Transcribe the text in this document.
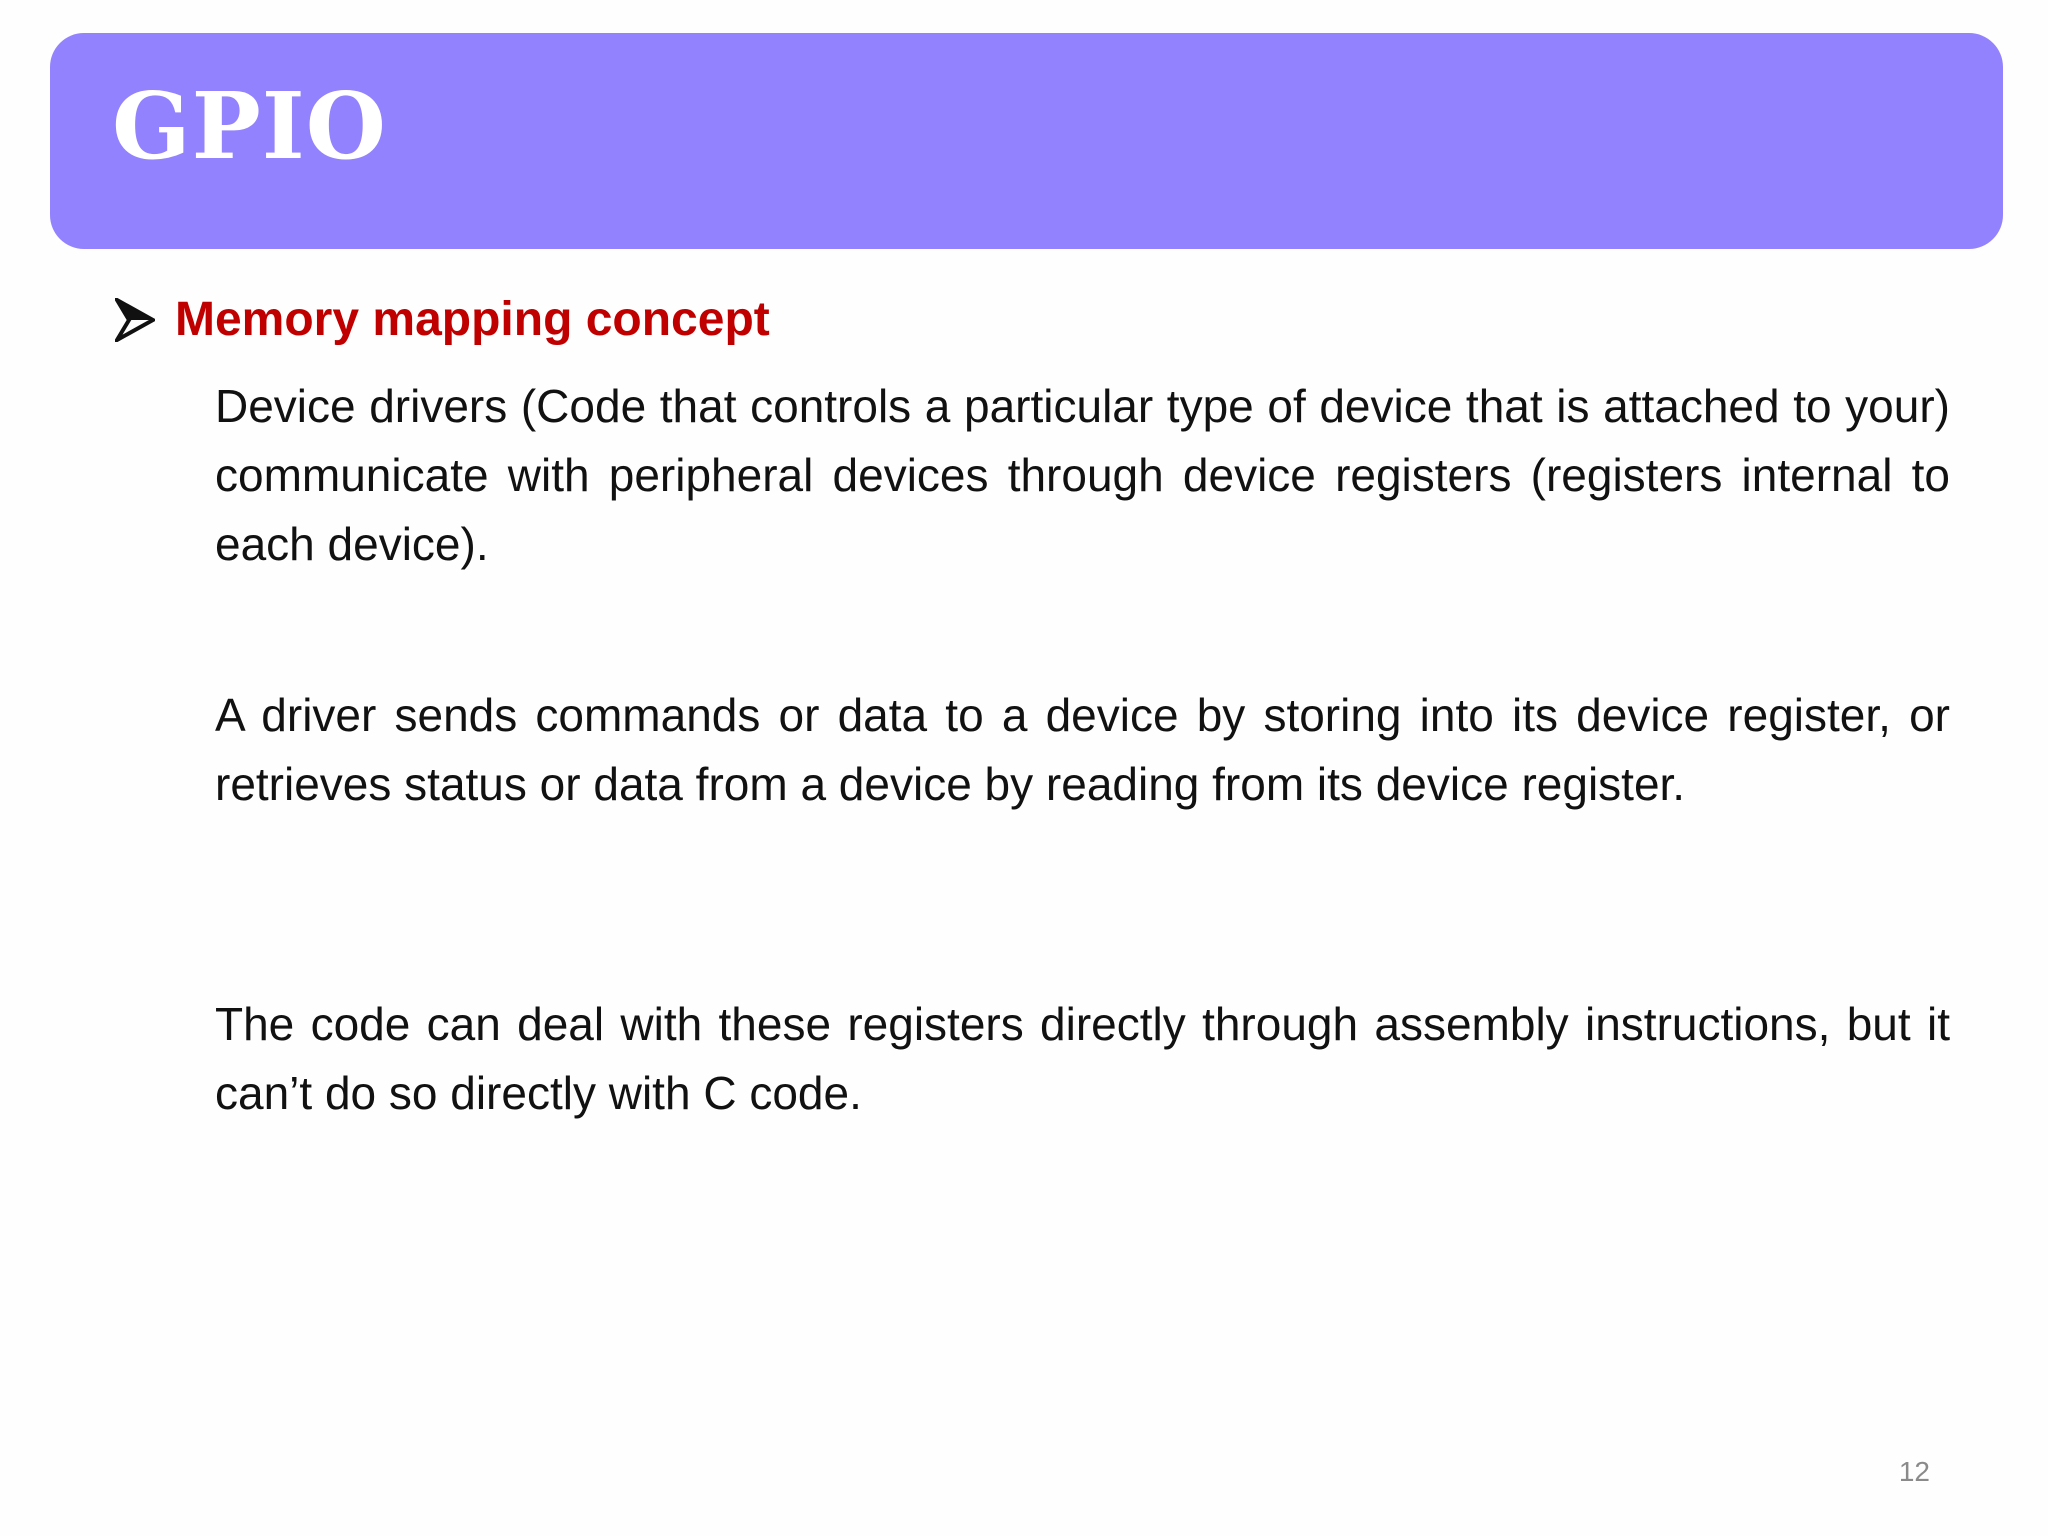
GPIO
Memory mapping concept

Device drivers (Code that controls a particular type of device that is attached to your) communicate with peripheral devices through device registers (registers internal to each device).

A driver sends commands or data to a device by storing into its device register, or retrieves status or data from a device by reading from its device register.

The code can deal with these registers directly through assembly instructions, but it can’t do so directly with C code.

12
